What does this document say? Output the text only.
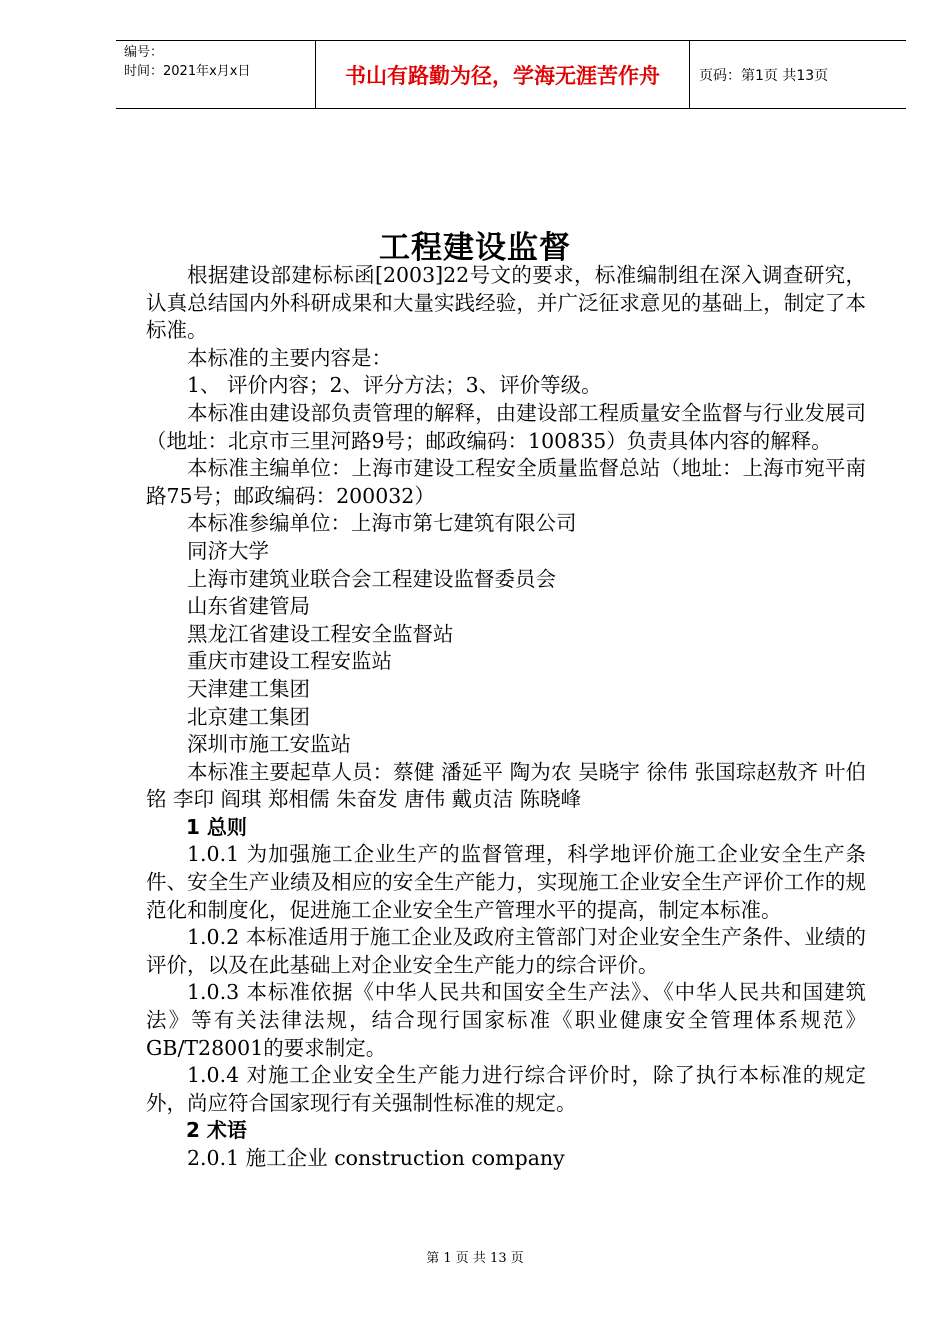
编号：
时间：2021年x月x日	书山有路勤为径，学海无涯苦作舟	页码：第1页 共13页
工程建设监督

根据建设部建标标函[2003]22号文的要求，标准编制组在深入调查研究，认真总结国内外科研成果和大量实践经验，并广泛征求意见的基础上，制定了本标准。

本标准的主要内容是：

1、 评价内容；2、评分方法；3、评价等级。

本标准由建设部负责管理的解释，由建设部工程质量安全监督与行业发展司（地址：北京市三里河路9号；邮政编码：100835）负责具体内容的解释。

本标准主编单位：上海市建设工程安全质量监督总站（地址：上海市宛平南路75号；邮政编码：200032）

本标准参编单位：上海市第七建筑有限公司

同济大学

上海市建筑业联合会工程建设监督委员会

山东省建管局

黑龙江省建设工程安全监督站

重庆市建设工程安监站

天津建工集团

北京建工集团

深圳市施工安监站

本标准主要起草人员：蔡健 潘延平 陶为农 吴晓宇 徐伟 张国琮赵敖齐 叶伯铭 李印 阎琪 郑相儒 朱奋发 唐伟 戴贞洁 陈晓峰

1 总则

1.0.1 为加强施工企业生产的监督管理，科学地评价施工企业安全生产条件、安全生产业绩及相应的安全生产能力，实现施工企业安全生产评价工作的规范化和制度化，促进施工企业安全生产管理水平的提高，制定本标准。

1.0.2 本标准适用于施工企业及政府主管部门对企业安全生产条件、业绩的评价，以及在此基础上对企业安全生产能力的综合评价。

1.0.3 本标准依据《中华人民共和国安全生产法》、《中华人民共和国建筑法》等有关法律法规，结合现行国家标准《职业健康安全管理体系规范》GB/T28001的要求制定。

1.0.4 对施工企业安全生产能力进行综合评价时，除了执行本标准的规定外，尚应符合国家现行有关强制性标准的规定。

2 术语

2.0.1 施工企业 construction company

第 1 页 共 13 页
